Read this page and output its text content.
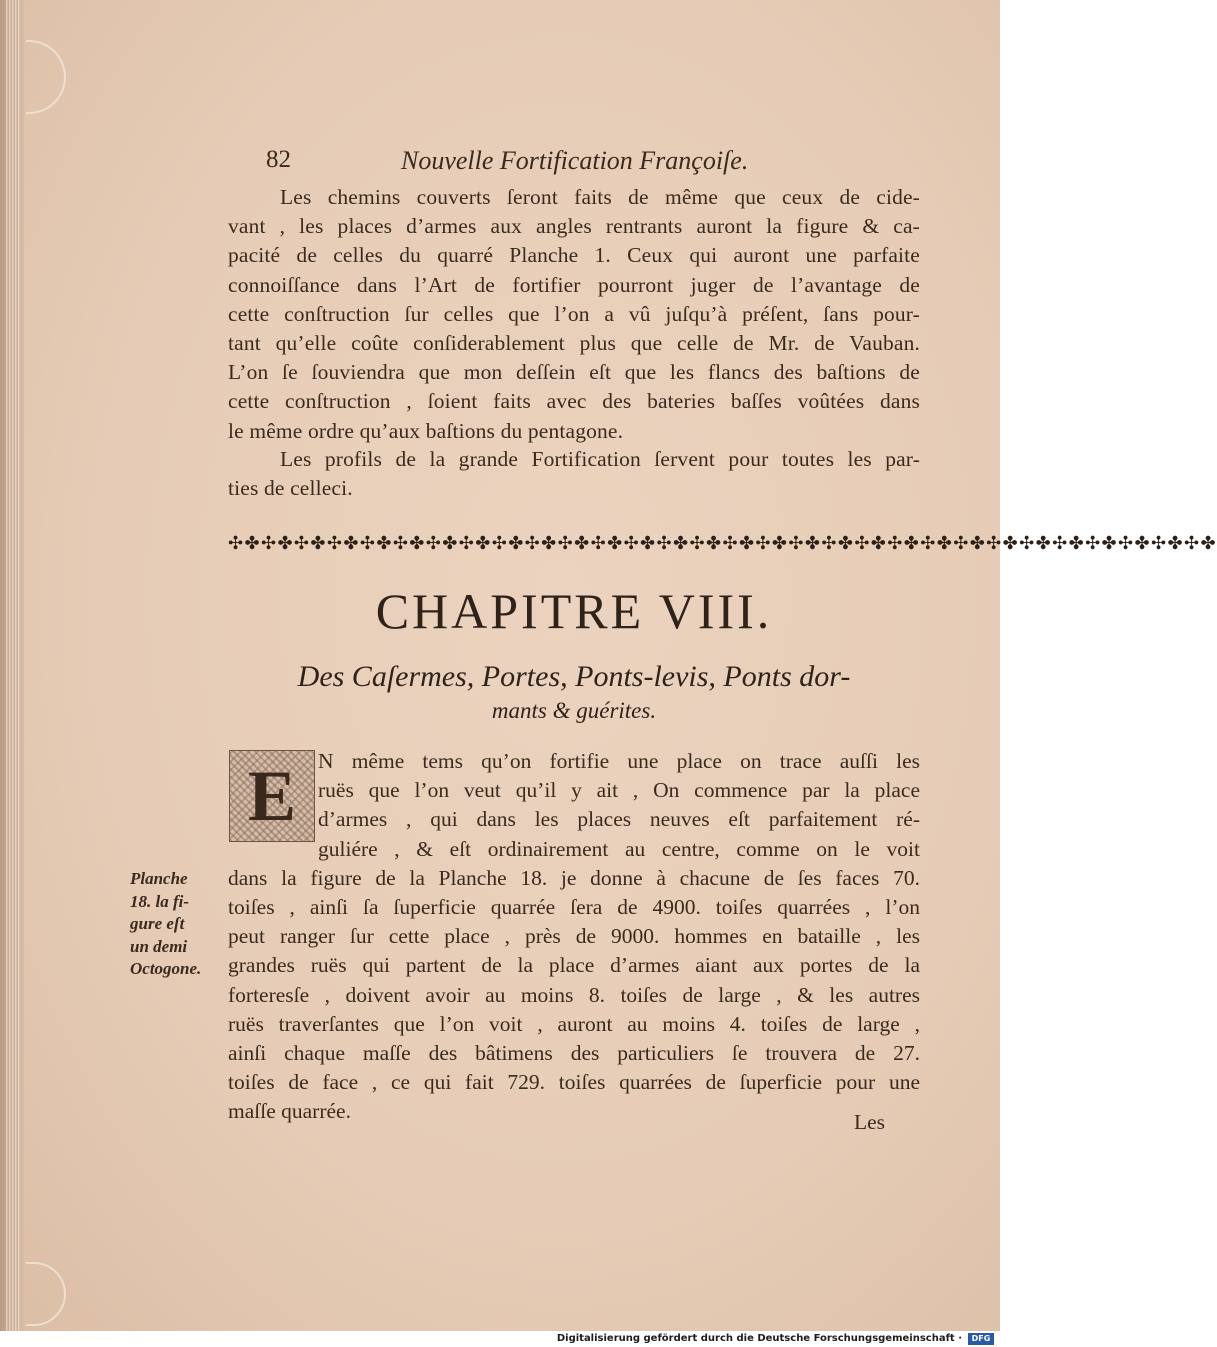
82	Nouvelle Fortification Françoiſe.
Les chemins couverts ſeront faits de même que ceux de cide-
vant , les places d’armes aux angles rentrants auront la figure & ca-
pacité de celles du quarré Planche 1. Ceux qui auront une parfaite
connoiſſance dans l’Art de fortifier pourront juger de l’avantage de
cette conſtruction ſur celles que l’on a vû juſqu’à préſent, ſans pour-
tant qu’elle coûte conſiderablement plus que celle de Mr. de Vauban.
L’on ſe ſouviendra que mon deſſein eſt que les flancs des baſtions de
cette conſtruction , ſoient faits avec des bateries baſſes voûtées dans
le même ordre qu’aux baſtions du pentagone.
Les profils de la grande Fortification ſervent pour toutes les par-
ties de celleci.
✣✤✣✤✣✤✣✤✣✤✣✤✣✤✣✤✣✤✣✤✣✤✣✤✣✤✣✤✣✤✣✤✣✤✣✤✣✤✣✤✣✤✣✤✣✤✣✤✣✤✣✤✣✤✣✤✣✤✣✤
CHAPITRE VIII.
Des Caſermes, Portes, Ponts-levis, Ponts dor-
mants & guérites.
E	N même tems qu’on fortifie une place on trace auſſi les
ruës que l’on veut qu’il y ait , On commence par la place
d’armes , qui dans les places neuves eſt parfaitement ré-
guliére , & eſt ordinairement au centre, comme on le voit
dans la figure de la Planche 18. je donne à chacune de ſes faces 70.
toiſes , ainſi ſa ſuperficie quarrée ſera de 4900. toiſes quarrées , l’on
peut ranger ſur cette place , près de 9000. hommes en bataille , les
grandes ruës qui partent de la place d’armes aiant aux portes de la
forteresſe , doivent avoir au moins 8. toiſes de large , & les autres
ruës traverſantes que l’on voit , auront au moins 4. toiſes de large ,
ainſi chaque maſſe des bâtimens des particuliers ſe trouvera de 27.
toiſes de face , ce qui fait 729. toiſes quarrées de ſuperficie pour une
maſſe quarrée.
Planche
18. la fi-
gure eſt
un demi
Octogone.
Les
Digitalisierung gefördert durch die Deutsche Forschungsgemeinschaft ·	DFG
